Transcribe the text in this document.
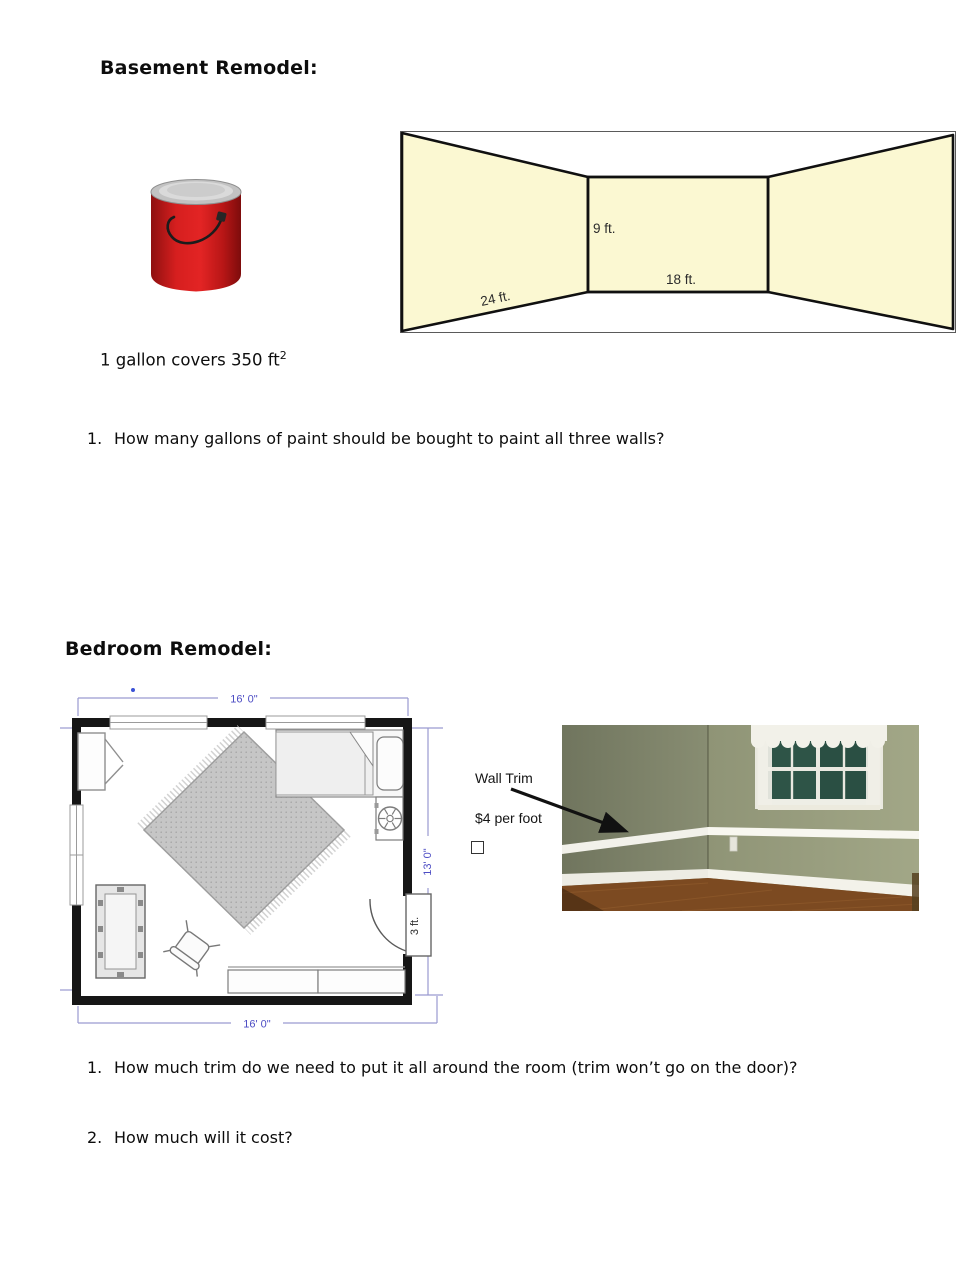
Basement Remodel:
9 ft.
18 ft.
24 ft.
1 gallon covers 350 $ft^2$
1. How many gallons of paint should be bought to paint all three walls?
Bedroom Remodel:
16' 0"
16' 0"
13' 0"
3 ft.
Wall Trim
$4 per foot
1. How much trim do we need to put it all around the room (trim won’t go on the door)?
2. How much will it cost?
